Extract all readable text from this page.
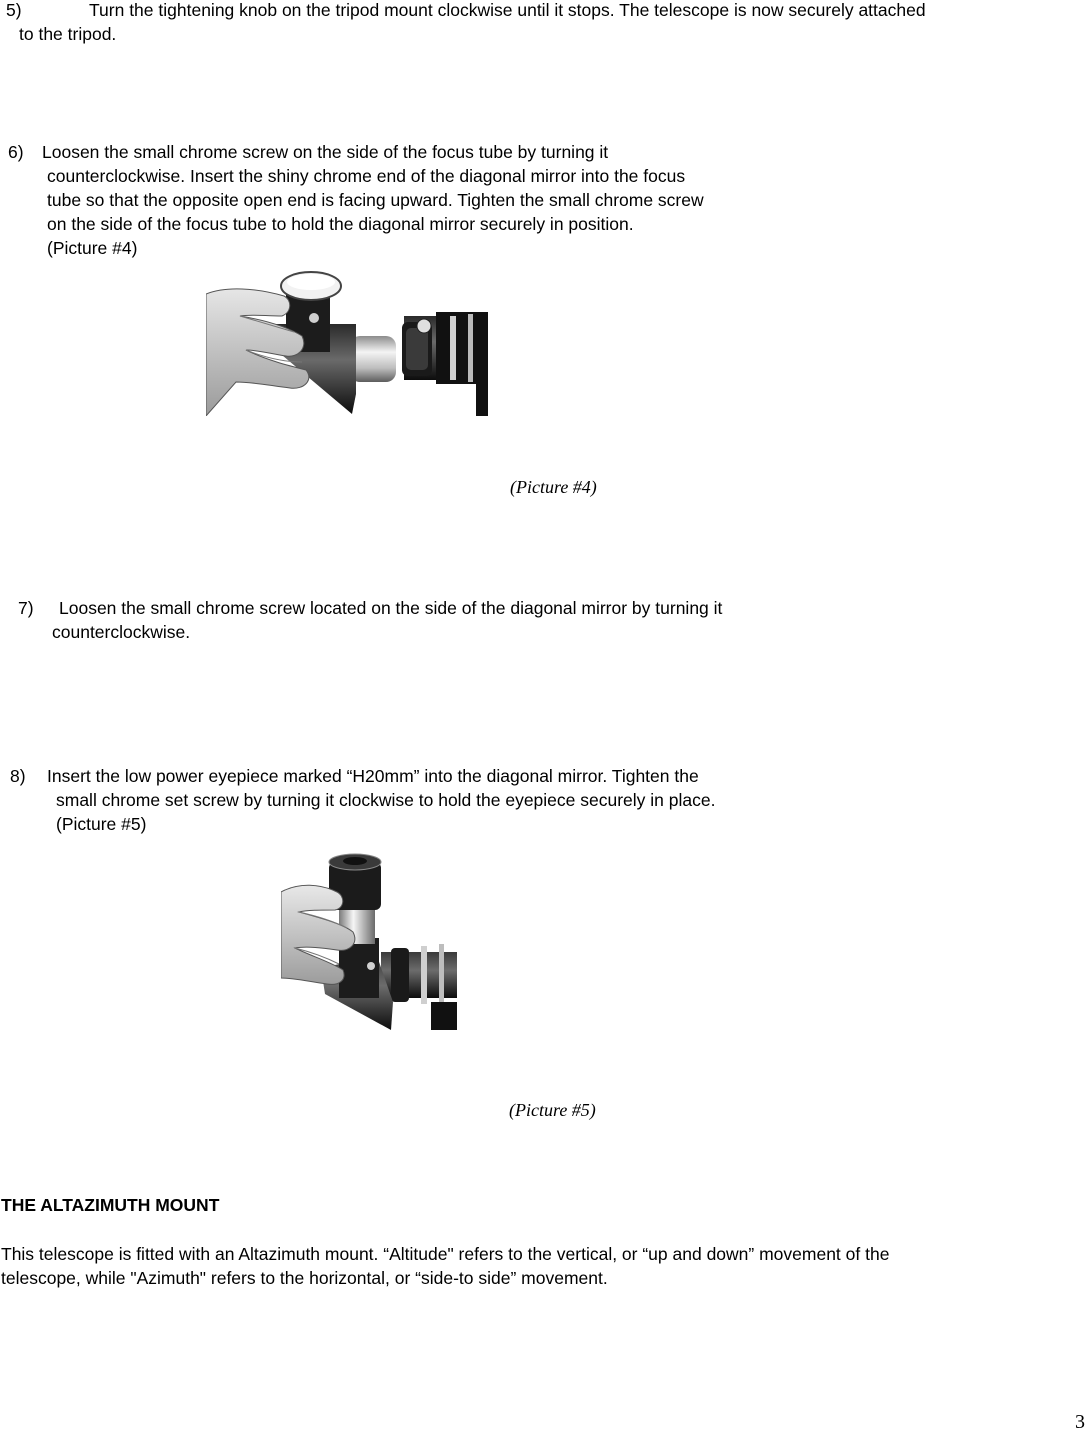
5)	Turn the tightening knob on the tripod mount clockwise until it stops. The telescope is now securely attached
to the tripod.
6) Loosen the small chrome screw on the side of the focus tube by turning it
counterclockwise. Insert the shiny chrome end of the diagonal mirror into the focus
tube so that the opposite open end is facing upward. Tighten the small chrome screw
on the side of the focus tube to hold the diagonal mirror securely in position.
(Picture #4)
(Picture #4)
7) Loosen the small chrome screw located on the side of the diagonal mirror by turning it
counterclockwise.
8) Insert the low power eyepiece marked “H20mm” into the diagonal mirror. Tighten the
small chrome set screw by turning it clockwise to hold the eyepiece securely in place.
(Picture #5)
(Picture #5)
THE ALTAZIMUTH MOUNT
This telescope is fitted with an Altazimuth mount. “Altitude" refers to the vertical, or “up and down” movement of the
telescope, while "Azimuth" refers to the horizontal, or “side-to side” movement.
3
